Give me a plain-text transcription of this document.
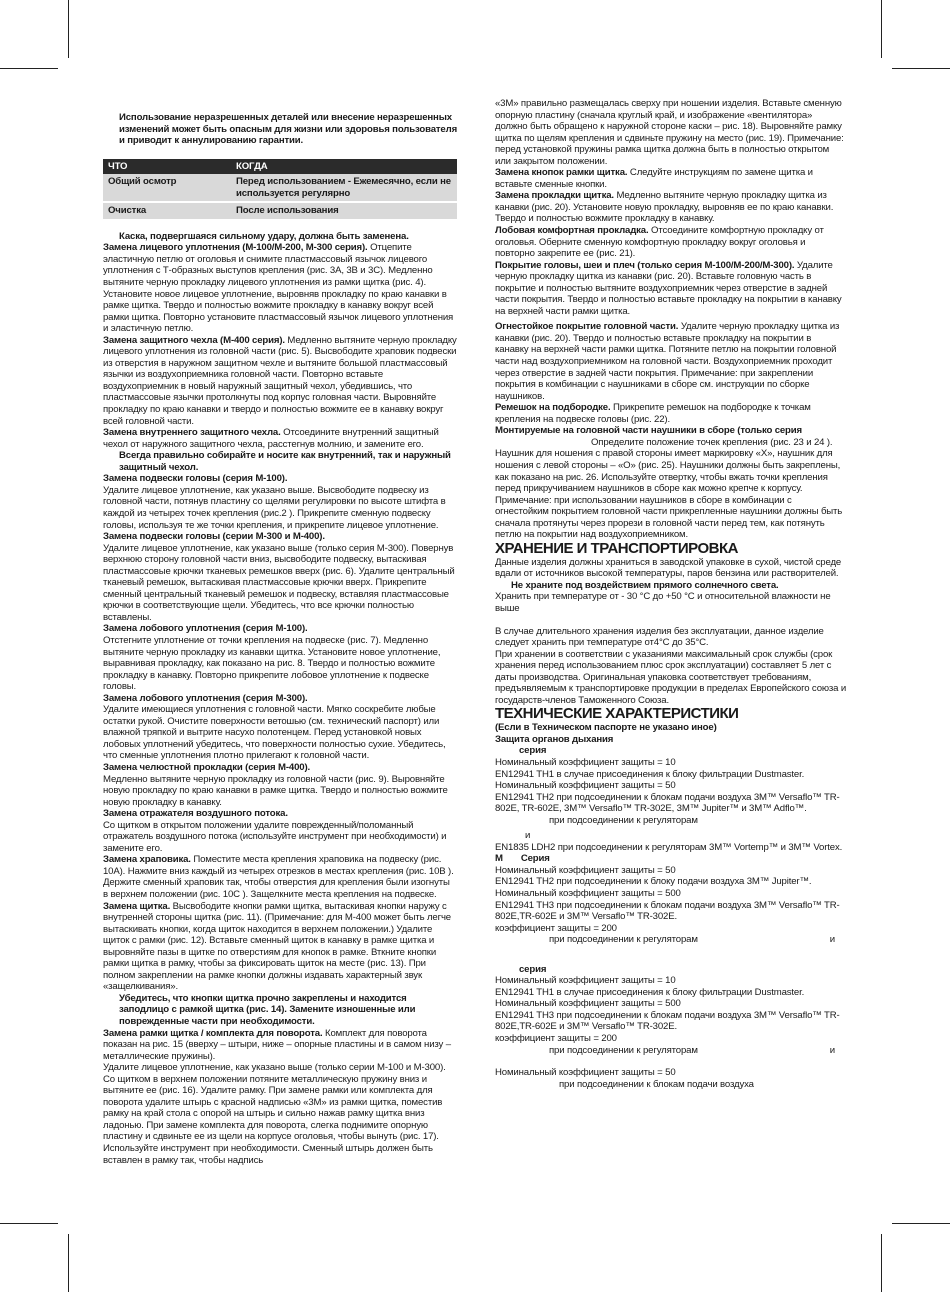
Использование неразрешенных деталей или внесение неразрешенных изменений может быть опасным для жизни или здоровья пользователя и приводит к аннулированию гарантии.

ЧТО	КОГДА
Общий осмотр	Перед использованием - Ежемесячно, если не используется регулярно

Очистка	После использования

Каска, подвергшаяся сильному удару, должна быть заменена.

Замена лицевого уплотнения (М-100/М-200, М-300 серия). Отцепите эластичную петлю от оголовья и снимите пластмассовый язычок лицевого уплотнения с Т-образных выступов крепления (рис. 3А, 3В и 3С). Медленно вытяните черную прокладку лицевого уплотнения из рамки щитка (рис. 4). Установите новое лицевое уплотнение, выровняв прокладку по краю канавки в рамке щитка. Твердо и полностью вожмите прокладку в канавку вокруг всей рамки щитка. Повторно установите пластмассовый язычок лицевого уплотнения и эластичную петлю.

Замена защитного чехла (М-400 серия). Медленно вытяните черную прокладку лицевого уплотнения из головной части (рис. 5). Высвободите храповик подвески из отверстия в наружном защитном чехле и вытяните большой пластмассовый язычки из воздухоприемника головной части. Повторно вставьте воздухоприемник в новый наружный защитный чехол, убедившись, что пластмассовые язычки протолкнуты под корпус головная части. Выровняйте прокладку по краю канавки и твердо и полностью вожмите ее в канавку вокруг всей головной части.

Замена внутреннего защитного чехла. Отсоедините внутренний защитный чехол от наружного защитного чехла, расстегнув молнию, и замените его.

Всегда правильно собирайте и носите как внутренний, так и наружный защитный чехол.

Замена подвески головы (серия М-100).
Удалите лицевое уплотнение, как указано выше. Высвободите подвеску из головной части, потянув пластину со щелями регулировки по высоте штифта в каждой из четырех точек крепления (рис.2 ). Прикрепите сменную подвеску головы, используя те же точки крепления, и прикрепите лицевое уплотнение.

Замена подвески головы (серии М-300 и М-400).
Удалите лицевое уплотнение, как указано выше (только серия М-300). Повернув верхнюю сторону головной части вниз, высвободите подвеску, вытаскивая пластмассовые крючки тканевых ремешков вверх (рис. 6). Удалите центральный тканевый ремешок, вытаскивая пластмассовые крючки вверх. Прикрепите сменный центральный тканевый ремешок и подвеску, вставляя пластмассовые крючки в соответствующие щели. Убедитесь, что все крючки полностью вставлены.

Замена лобового уплотнения (серия М-100).
Отстегните уплотнение от точки крепления на подвеске (рис. 7). Медленно вытяните черную прокладку из канавки щитка. Установите новое уплотнение, выравнивая прокладку, как показано на рис. 8. Твердо и полностью вожмите прокладку в канавку. Повторно прикрепите лобовое уплотнение к подвеске головы.

Замена лобового уплотнения (серия М-300).
Удалите имеющиеся уплотнения с головной части. Мягко соскребите любые остатки рукой. Очистите поверхности ветошью (см. технический паспорт) или влажной тряпкой и вытрите насухо полотенцем. Перед установкой новых лобовых уплотнений убедитесь, что поверхности полностью сухие. Убедитесь, что сменные уплотнения плотно прилегают к головной части.

Замена челюстной прокладки (серия М-400).
Медленно вытяните черную прокладку из головной части (рис. 9). Выровняйте новую прокладку по краю канавки в рамке щитка. Твердо и полностью вожмите новую прокладку в канавку.

Замена отражателя воздушного потока.
Со щитком в открытом положении удалите поврежденный/поломанный отражатель воздушного потока (используйте инструмент при необходимости) и замените его.

Замена храповика. Поместите места крепления храповика на подвеску (рис. 10А). Нажмите вниз каждый из четырех отрезков в местах крепления (рис. 10В ). Держите сменный храповик так, чтобы отверстия для крепления были изогнуты в верхнем положении (рис. 10С ). Защелкните места крепления на подвеске.

Замена щитка. Высвободите кнопки рамки щитка, вытаскивая кнопки наружу с внутренней стороны щитка (рис. 11). (Примечание: для М-400 может быть легче вытаскивать кнопки, когда щиток находится в верхнем положении.) Удалите щиток с рамки (рис. 12). Вставьте сменный щиток в канавку в рамке щитка и выровняйте пазы в щитке по отверстиям для кнопок в рамке. Вткните кнопки рамки щитка в рамку, чтобы за фиксировать щиток на месте (рис. 13). При полном закреплении на рамке кнопки должны издавать характерный звук «защелкивания».

Убедитесь, что кнопки щитка прочно закреплены и находится заподлицо с рамкой щитка (рис. 14). Замените изношенные или поврежденные части при необходимости.

Замена рамки щитка / комплекта для поворота. Комплект для поворота показан на рис. 15 (вверху – штыри, ниже – опорные пластины и в самом низу – металлические пружины).

Удалите лицевое уплотнение, как указано выше (только серии М-100 и М-300). Со щитком в верхнем положении потяните металлическую пружину вниз и вытяните ее (рис. 16). Удалите рамку. При замене рамки или комплекта для поворота удалите штырь с красной надписью «3М» из рамки щитка, поместив рамку на край стола с опорой на штырь и сильно нажав рамку щитка вниз ладонью. При замене комплекта для поворота, слегка поднимите опорную пластину и сдвиньте ее из щели на корпусе оголовья, чтобы вынуть (рис. 17). Используйте инструмент при необходимости. Сменный штырь должен быть вставлен в рамку так, чтобы надпись

«3М» правильно размещалась сверху при ношении изделия. Вставьте сменную опорную пластину (сначала круглый край, и изображение «вентилятора» должно быть обращено к наружной стороне каски – рис. 18). Выровняйте рамку щитка по щелям крепления и сдвиньте пружину на место (рис. 19). Примечание: перед установкой пружины рамка щитка должна быть в полностью открытом или закрытом положении.

Замена кнопок рамки щитка. Следуйте инструкциям по замене щитка и вставьте сменные кнопки.

Замена прокладки щитка. Медленно вытяните черную прокладку щитка из канавки (рис. 20). Установите новую прокладку, выровняв ее по краю канавки. Твердо и полностью вожмите прокладку в канавку.

Лобовая комфортная прокладка. Отсоедините комфортную прокладку от оголовья. Оберните сменную комфортную прокладку вокруг оголовья и повторно закрепите ее (рис. 21).

Покрытие головы, шеи и плеч (только серия М-100/М-200/М-300). Удалите черную прокладку щитка из канавки (рис. 20). Вставьте головную часть в покрытие и полностью вытяните воздухоприемник через отверстие в задней части покрытия. Твердо и полностью вставьте прокладку на покрытии в канавку на верхней части рамки щитка.

Огнестойкое покрытие головной части. Удалите черную прокладку щитка из канавки (рис. 20). Твердо и полностью вставьте прокладку на покрытии в канавку на верхней части рамки щитка. Потяните петлю на покрытии головной части над воздухоприемником на головной части. Воздухоприемник проходит через отверстие в задней части покрытия. Примечание: при закреплении покрытия в комбинации с наушниками в сборе см. инструкции по сборке наушников.

Ремешок на подбородке. Прикрепите ремешок на подбородке к точкам крепления на подвеске головы (рис. 22).

Монтируемые на головной части наушники в сборе (только серия

Определите положение точек крепления (рис. 23 и 24 ).

Наушник для ношения с правой стороны имеет маркировку «Х», наушник для ношения с левой стороны – «О» (рис. 25). Наушники должны быть закреплены, как показано на рис. 26. Используйте отвертку, чтобы вжать точки крепления перед прикручиванием наушников в сборе как можно крепче к корпусу.

Примечание: при использовании наушников в сборе в комбинации с огнестойким покрытием головной части прикрепленные наушники должны быть сначала протянуты через прорези в головной части перед тем, как потянуть петлю на покрытии над воздухоприемником.

ХРАНЕНИЕ И ТРАНСПОРТИРОВКА

Данные изделия должны храниться в заводской упаковке в сухой, чистой среде вдали от источников высокой температуры, паров бензина или растворителей.

Не храните под воздействием прямого солнечного света.

Хранить при температуре от - 30 °С до +50 °С и относительной влажности не выше

В случае длительного хранения изделия без эксплуатации, данное изделие следует хранить при температуре от4°С до 35°С.

При хранении в соответствии с указаниями максимальный срок службы (срок хранения перед использованием плюс срок эксплуатации) составляет 5 лет с даты производства. Оригинальная упаковка соответствует требованиям, предъявляемым к транспортировке продукции в пределах Европейского союза и государств-членов Таможенного Союза.

ТЕХНИЧЕСКИЕ ХАРАКТЕРИСТИКИ

(Если в Техническом паспорте не указано иное)

Защита органов дыхания

серия

Номинальный коэффициент защиты = 10

EN12941 TH1 в случае присоединения к блоку фильтрации Dustmaster.

Номинальный коэффициент защиты = 50

EN12941 TH2 при подсоединении к блокам подачи воздуха 3M™ Versaflo™ TR-802E, TR-602E, 3M™ Versaflo™ TR-302E, 3M™ Jupiter™ и 3M™ Adflo™.

при подсоединении к регуляторам

и

EN1835 LDH2 при подсоединении к регуляторам 3M™ Vortemp™ и 3M™ Vortex.

М Серия

Номинальный коэффициент защиты = 50

EN12941 TH2 при подсоединении к блоку подачи воздуха 3M™ Jupiter™.

Номинальный коэффициент защиты = 500

EN12941 TH3 при подсоединении к блокам подачи воздуха 3M™ Versaflo™ TR-802E,TR-602E и 3M™ Versaflo™ TR-302E.

коэффициент защиты = 200

при подсоединении к регуляторам	и

серия

Номинальный коэффициент защиты = 10

EN12941 TH1 в случае присоединения к блоку фильтрации Dustmaster.

Номинальный коэффициент защиты = 500

EN12941 TH3 при подсоединении к блокам подачи воздуха 3M™ Versaflo™ TR-802E,TR-602E и 3M™ Versaflo™ TR-302E.

коэффициент защиты = 200

при подсоединении к регуляторам	и

Номинальный коэффициент защиты = 50

при подсоединении к блокам подачи воздуха
